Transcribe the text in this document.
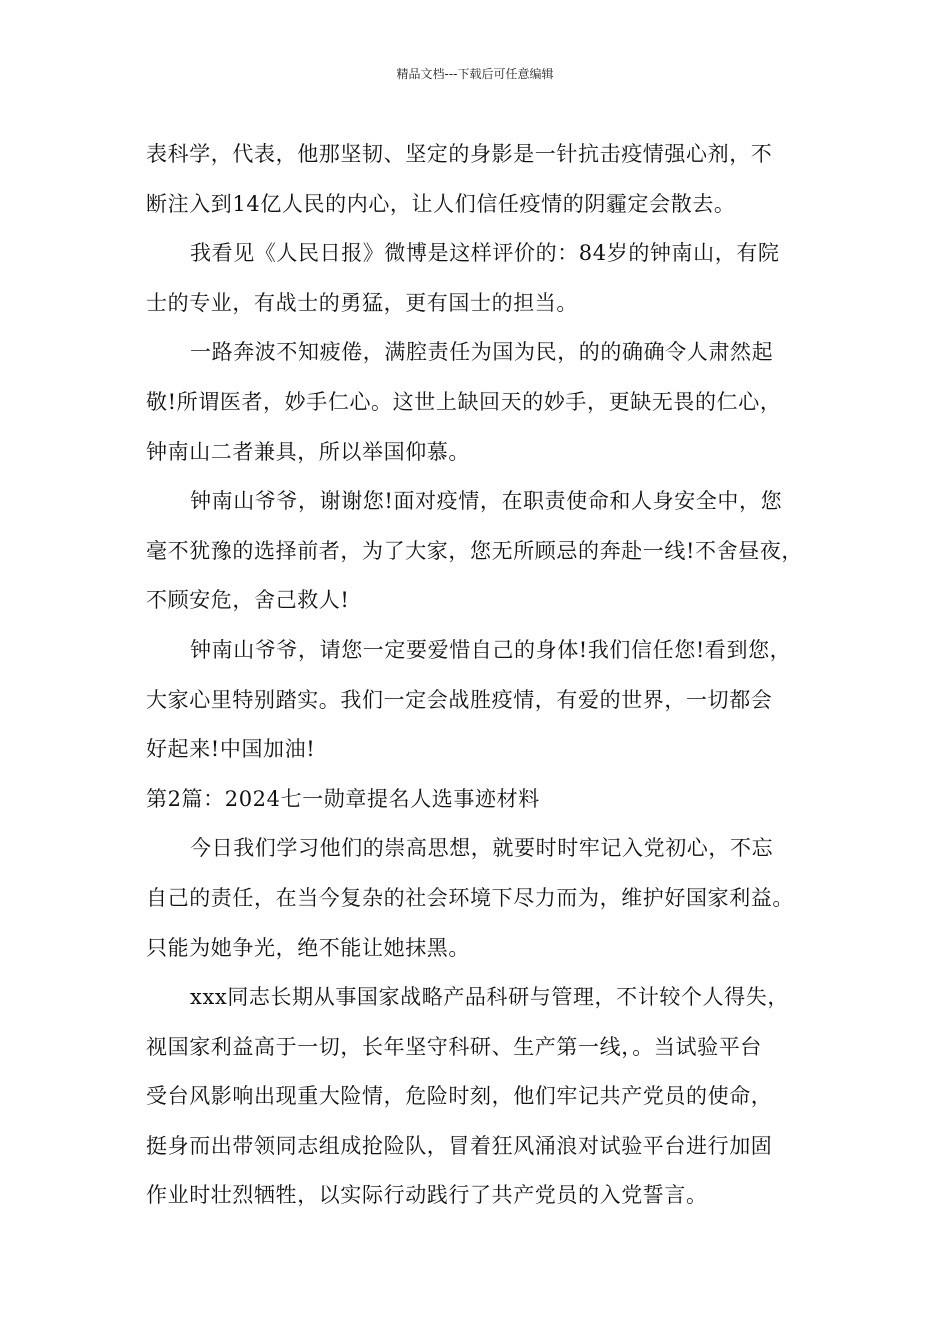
精品文档---下载后可任意编辑
表科学，代表，他那坚韧、坚定的身影是一针抗击疫情强心剂，不
断注入到14亿人民的内心，让人们信任疫情的阴霾定会散去。
我看见《人民日报》微博是这样评价的：84岁的钟南山，有院
士的专业，有战士的勇猛，更有国士的担当。
一路奔波不知疲倦，满腔责任为国为民，的的确确令人肃然起
敬!所谓医者，妙手仁心。这世上缺回天的妙手，更缺无畏的仁心，
钟南山二者兼具，所以举国仰慕。
钟南山爷爷，谢谢您!面对疫情，在职责使命和人身安全中，您
毫不犹豫的选择前者，为了大家，您无所顾忌的奔赴一线!不舍昼夜，
不顾安危，舍己救人!
钟南山爷爷，请您一定要爱惜自己的身体!我们信任您!看到您，
大家心里特别踏实。我们一定会战胜疫情，有爱的世界，一切都会
好起来!中国加油!
第2篇：2024七一勋章提名人选事迹材料
今日我们学习他们的崇高思想，就要时时牢记入党初心，不忘
自己的责任，在当今复杂的社会环境下尽力而为，维护好国家利益。
只能为她争光，绝不能让她抹黑。
xxx同志长期从事国家战略产品科研与管理，不计较个人得失，
视国家利益高于一切，长年坚守科研、生产第一线，。当试验平台
受台风影响出现重大险情，危险时刻，他们牢记共产党员的使命，
挺身而出带领同志组成抢险队，冒着狂风涌浪对试验平台进行加固
作业时壮烈牺牲，以实际行动践行了共产党员的入党誓言。
